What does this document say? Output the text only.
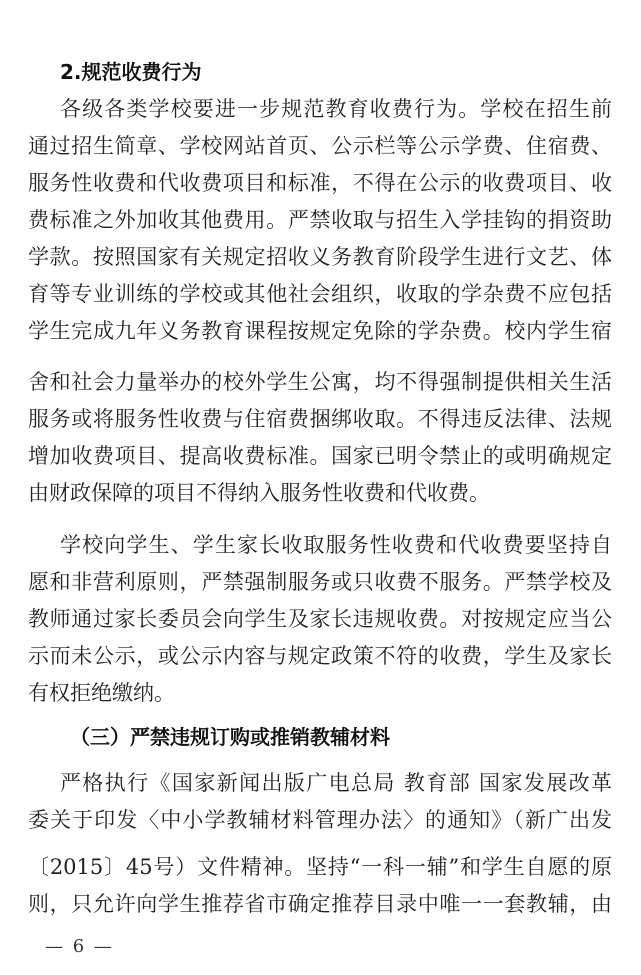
2.规范收费行为
各级各类学校要进一步规范教育收费行为。学校在招生前
通过招生简章、学校网站首页、公示栏等公示学费、住宿费、
服务性收费和代收费项目和标准，不得在公示的收费项目、收
费标准之外加收其他费用。严禁收取与招生入学挂钩的捐资助
学款。按照国家有关规定招收义务教育阶段学生进行文艺、体
育等专业训练的学校或其他社会组织，收取的学杂费不应包括
学生完成九年义务教育课程按规定免除的学杂费。校内学生宿
舍和社会力量举办的校外学生公寓，均不得强制提供相关生活
服务或将服务性收费与住宿费捆绑收取。不得违反法律、法规
增加收费项目、提高收费标准。国家已明令禁止的或明确规定
由财政保障的项目不得纳入服务性收费和代收费。
学校向学生、学生家长收取服务性收费和代收费要坚持自
愿和非营利原则，严禁强制服务或只收费不服务。严禁学校及
教师通过家长委员会向学生及家长违规收费。对按规定应当公
示而未公示，或公示内容与规定政策不符的收费，学生及家长
有权拒绝缴纳。
（三）严禁违规订购或推销教辅材料
严格执行《国家新闻出版广电总局 教育部 国家发展改革
委关于印发〈中小学教辅材料管理办法〉的通知》（新广出发
〔2015〕45号）文件精神。坚持“一科一辅”和学生自愿的原
则，只允许向学生推荐省市确定推荐目录中唯一一套教辅，由
— 6 —
